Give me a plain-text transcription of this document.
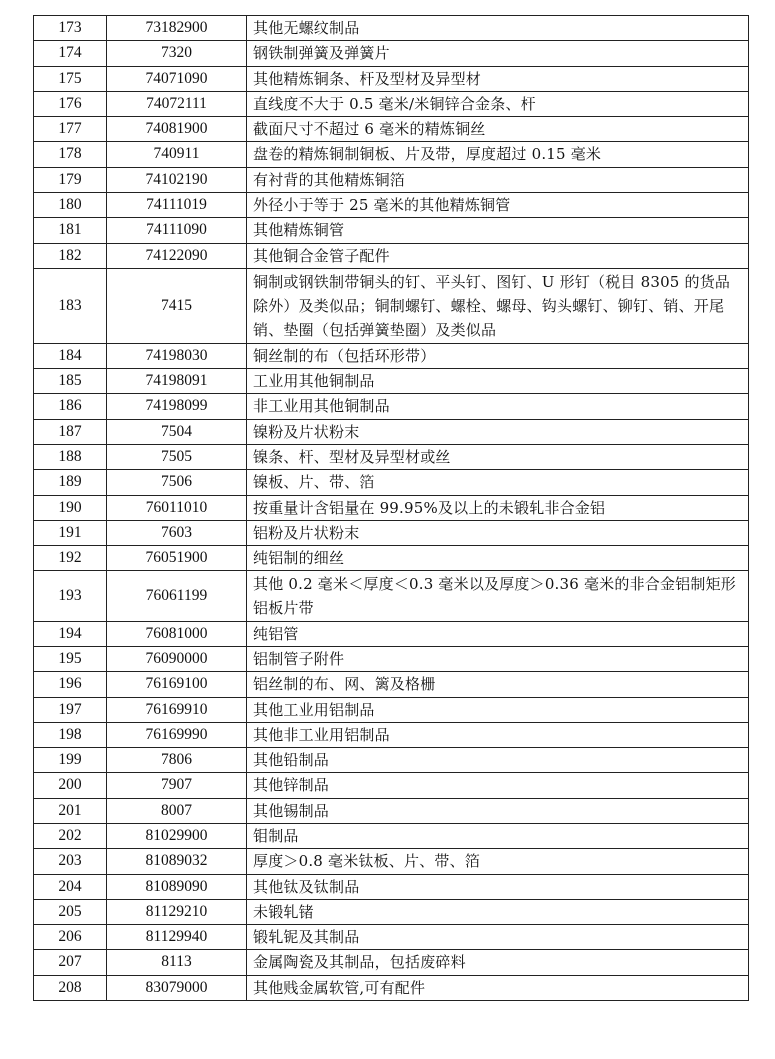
173	73182900	其他无螺纹制品
174	7320	钢铁制弹簧及弹簧片
175	74071090	其他精炼铜条、杆及型材及异型材
176	74072111	直线度不大于 0.5 毫米/米铜锌合金条、杆
177	74081900	截面尺寸不超过 6 毫米的精炼铜丝
178	740911	盘卷的精炼铜制铜板、片及带，厚度超过 0.15 毫米
179	74102190	有衬背的其他精炼铜箔
180	74111019	外径小于等于 25 毫米的其他精炼铜管
181	74111090	其他精炼铜管
182	74122090	其他铜合金管子配件
183	7415	铜制或钢铁制带铜头的钉、平头钉、图钉、U 形钉（税目 8305 的货品除外）及类似品；铜制螺钉、螺栓、螺母、钩头螺钉、铆钉、销、开尾销、垫圈（包括弹簧垫圈）及类似品
184	74198030	铜丝制的布（包括环形带）
185	74198091	工业用其他铜制品
186	74198099	非工业用其他铜制品
187	7504	镍粉及片状粉末
188	7505	镍条、杆、型材及异型材或丝
189	7506	镍板、片、带、箔
190	76011010	按重量计含铝量在 99.95%及以上的未锻轧非合金铝
191	7603	铝粉及片状粉末
192	76051900	纯铝制的细丝
193	76061199	其他 0.2 毫米＜厚度＜0.3 毫米以及厚度＞0.36 毫米的非合金铝制矩形铝板片带
194	76081000	纯铝管
195	76090000	铝制管子附件
196	76169100	铝丝制的布、网、篱及格栅
197	76169910	其他工业用铝制品
198	76169990	其他非工业用铝制品
199	7806	其他铅制品
200	7907	其他锌制品
201	8007	其他锡制品
202	81029900	钼制品
203	81089032	厚度＞0.8 毫米钛板、片、带、箔
204	81089090	其他钛及钛制品
205	81129210	未锻轧锗
206	81129940	锻轧铌及其制品
207	8113	金属陶瓷及其制品，包括废碎料
208	83079000	其他贱金属软管,可有配件
